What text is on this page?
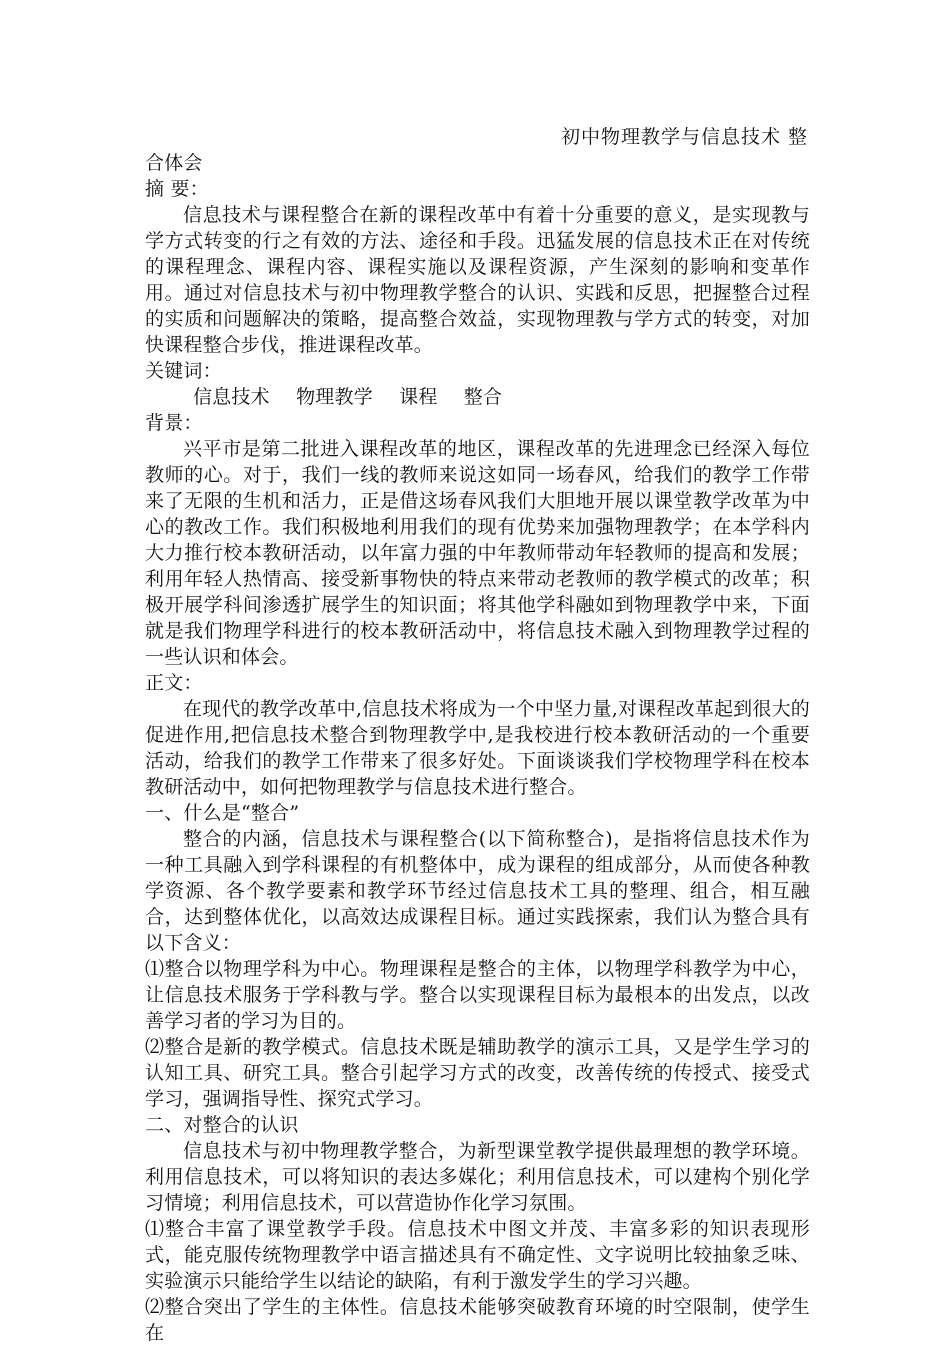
初中物理教学与信息技术 整
合体会
摘 要：

信息技术与课程整合在新的课程改革中有着十分重要的意义，是实现教与学方式转变的行之有效的方法、途径和手段。迅猛发展的信息技术正在对传统的课程理念、课程内容、课程实施以及课程资源，产生深刻的影响和变革作用。通过对信息技术与初中物理教学整合的认识、实践和反思，把握整合过程的实质和问题解决的策略，提高整合效益，实现物理教与学方式的转变，对加快课程整合步伐，推进课程改革。

关键词：
信息技术 物理教学 课程 整合
背景：

兴平市是第二批进入课程改革的地区，课程改革的先进理念已经深入每位教师的心。对于，我们一线的教师来说这如同一场春风，给我们的教学工作带来了无限的生机和活力，正是借这场春风我们大胆地开展以课堂教学改革为中心的教改工作。我们积极地利用我们的现有优势来加强物理教学；在本学科内大力推行校本教研活动，以年富力强的中年教师带动年轻教师的提高和发展；利用年轻人热情高、接受新事物快的特点来带动老教师的教学模式的改革；积极开展学科间渗透扩展学生的知识面；将其他学科融如到物理教学中来，下面就是我们物理学科进行的校本教研活动中，将信息技术融入到物理教学过程的一些认识和体会。

正文：

在现代的教学改革中,信息技术将成为一个中坚力量,对课程改革起到很大的促进作用,把信息技术整合到物理教学中,是我校进行校本教研活动的一个重要活动，给我们的教学工作带来了很多好处。下面谈谈我们学校物理学科在校本教研活动中，如何把物理教学与信息技术进行整合。

一、什么是“整合”

整合的内涵，信息技术与课程整合(以下简称整合)，是指将信息技术作为一种工具融入到学科课程的有机整体中，成为课程的组成部分，从而使各种教学资源、各个教学要素和教学环节经过信息技术工具的整理、组合，相互融合，达到整体优化，以高效达成课程目标。通过实践探索，我们认为整合具有以下含义：

⑴整合以物理学科为中心。物理课程是整合的主体，以物理学科教学为中心，让信息技术服务于学科教与学。整合以实现课程目标为最根本的出发点，以改善学习者的学习为目的。

⑵整合是新的教学模式。信息技术既是辅助教学的演示工具，又是学生学习的认知工具、研究工具。整合引起学习方式的改变，改善传统的传授式、接受式学习，强调指导性、探究式学习。

二、对整合的认识

信息技术与初中物理教学整合，为新型课堂教学提供最理想的教学环境。利用信息技术，可以将知识的表达多媒化；利用信息技术，可以建构个别化学习情境；利用信息技术，可以营造协作化学习氛围。

⑴整合丰富了课堂教学手段。信息技术中图文并茂、丰富多彩的知识表现形式，能克服传统物理教学中语言描述具有不确定性、文字说明比较抽象乏味、实验演示只能给学生以结论的缺陷，有利于激发学生的学习兴趣。

⑵整合突出了学生的主体性。信息技术能够突破教育环境的时空限制，使学生在
